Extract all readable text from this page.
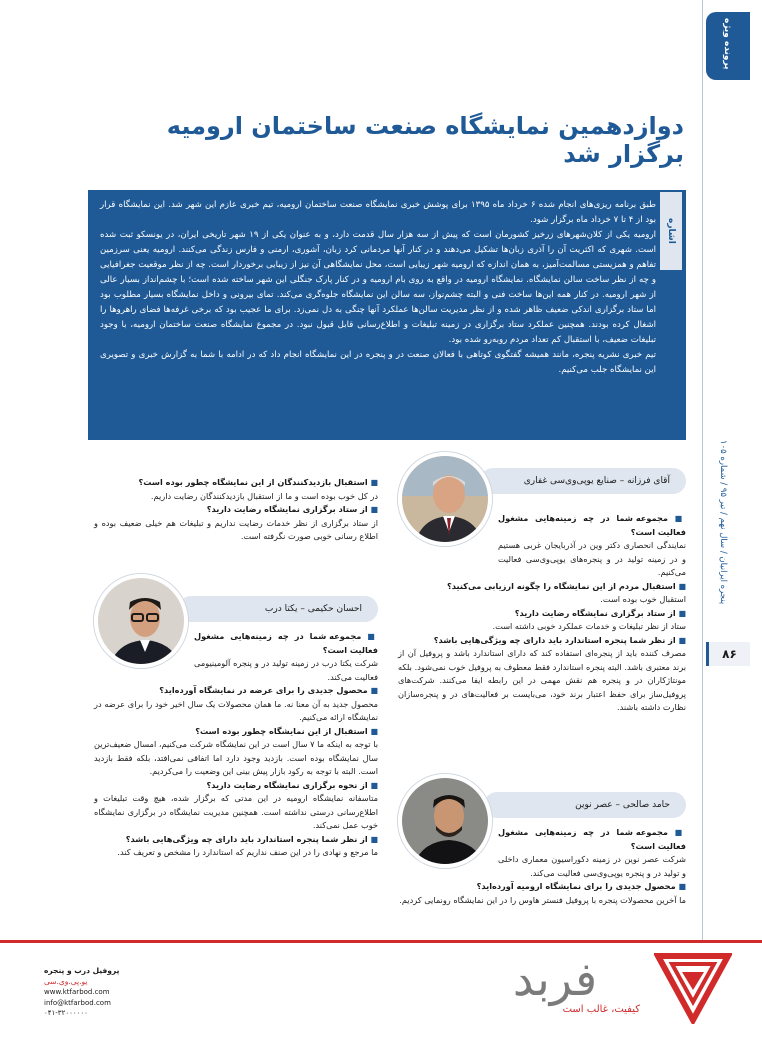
پرونده ویژه
پنجره ایرانیان / سال نهم / تیر ۹۵ / شماره ۱۰۵
۸۶
دوازدهمین نمایشگاه صنعت ساختمان ارومیه برگزار شد
اشاره

طبق برنامه ریزی‌های انجام شده ۶ خرداد ماه ۱۳۹۵ برای پوشش خبری نمایشگاه صنعت ساختمان ارومیه، تیم خبری عازم این شهر شد. این نمایشگاه قرار بود از ۴ تا ۷ خرداد ماه برگزار شود.

ارومیه یکی از کلان‌شهرهای زرخیز کشورمان است که پیش از سه هزار سال قدمت دارد، و به عنوان یکی از ۱۹ شهر تاریخی ایران، در یونسکو ثبت شده است. شهری که اکثریت آن را آذری زبان‌ها تشکیل می‌دهند و در کنار آنها مردمانی کرد زبان، آشوری، ارمنی و فارس زندگی می‌کنند. ارومیه یعنی سرزمین تفاهم و همزیستی مسالمت‌آمیز، به همان اندازه که ارومیه شهر زیبایی است، محل نمایشگاهی آن نیز از زیبایی برخوردار است. چه از نظر موقعیت جغرافیایی و چه از نظر ساخت سالن نمایشگاه. نمایشگاه ارومیه در واقع به روی بام ارومیه و در کنار پارک جنگلی این شهر ساخته شده است؛ با چشم‌انداز بسیار عالی از شهر ارومیه. در کنار همه این‌ها ساخت فنی و البته چشم‌نواز، سه سالن این نمایشگاه جلوه‌گری می‌کند. تمای بیرونی و داخل نمایشگاه بسیار مطلوب بود اما ستاد برگزاری اندکی ضعیف ظاهر شده و از نظر مدیریت سالن‌ها عملکرد آنها چنگی به دل نمی‌زد. برای ما عجیب بود که برخی غرفه‌ها فضای راهروها را اشغال کرده بودند. همچنین عملکرد ستاد برگزاری در زمینه تبلیغات و اطلاع‌رسانی قابل قبول نبود. در مجموع نمایشگاه صنعت ساختمان ارومیه، با وجود تبلیغات ضعیف، با استقبال کم تعداد مردم روبه‌رو شده بود.

تیم خبری نشریه پنجره، مانند همیشه گفتگوی کوتاهی با فعالان صنعت در و پنجره در این نمایشگاه انجام داد که در ادامه با شما به گزارش خبری و تصویری این نمایشگاه جلب می‌کنیم.

آقای فرزانه – صنایع یوپی‌وی‌سی غفاری
■ مجموعه شما در چه زمینه‌هایی مشغول فعالیت است؟
نمایندگی انحصاری دکتر وین در آذربایجان غربی هستیم و در زمینه تولید در و پنجره‌های یوپی‌وی‌سی فعالیت می‌کنیم.
■ استقبال مردم از این نمایشگاه را چگونه ارزیابی می‌کنید؟
استقبال خوب بوده است.
■ از ستاد برگزاری نمایشگاه رضایت دارید؟
ستاد از نظر تبلیغات و خدمات عملکرد خوبی داشته است.
■ از نظر شما پنجره استاندارد باید دارای چه ویژگی‌هایی باشد؟
مصرف کننده باید از پنجره‌ای استفاده کند که دارای استاندارد باشد و پروفیل آن از برند معتبری باشد. البته پنجره استاندارد فقط معطوف به پروفیل خوب نمی‌شود. بلکه مونتاژکاران در و پنجره هم نقش مهمی در این رابطه ایفا می‌کنند. شرکت‌های پروفیل‌ساز برای حفظ اعتبار برند خود، می‌بایست بر فعالیت‌های در و پنجره‌سازان نظارت داشته باشند.
■ استقبال بازدیدکنندگان از این نمایشگاه چطور بوده است؟
در کل خوب بوده است و ما از استقبال بازدیدکنندگان رضایت داریم.
■ از ستاد برگزاری نمایشگاه رضایت دارید؟
از ستاد برگزاری از نظر خدمات رضایت نداریم و تبلیغات هم خیلی ضعیف بوده و اطلاع رسانی خوبی صورت نگرفته است.
احسان حکیمی – یکتا درب
■ مجموعه شما در چه زمینه‌هایی مشغول فعالیت است؟
شرکت یکتا درب در زمینه تولید در و پنجره آلومینیومی فعالیت می‌کند.
■ محصول جدیدی را برای عرضه در نمایشگاه آورده‌اید؟
محصول جدید به آن معنا نه. ما همان محصولات یک سال اخیر خود را برای عرضه در نمایشگاه ارائه می‌کنیم.
■ استقبال از این نمایشگاه چطور بوده است؟
با توجه به اینکه ما ۷ سال است در این نمایشگاه شرکت می‌کنیم، امسال ضعیف‌ترین سال نمایشگاه بوده است. بازدید وجود دارد اما اتفاقی نمی‌افتد، بلکه فقط بازدید است. البته با توجه به رکود بازار پیش بینی این وضعیت را می‌کردیم.
■ از نحوه برگزاری نمایشگاه رضایت دارید؟
متاسفانه نمایشگاه ارومیه در این مدتی که برگزار شده، هیچ وقت تبلیغات و اطلاع‌رسانی درستی نداشته است. همچنین مدیریت نمایشگاه در برگزاری نمایشگاه خوب عمل نمی‌کند.
■ از نظر شما پنجره استاندارد باید دارای چه ویژگی‌هایی باشد؟
ما مرجع و نهادی را در این صنف نداریم که استاندارد را مشخص و تعریف کند.
حامد صالحی – عصر نوین
■ مجموعه شما در چه زمینه‌هایی مشغول فعالیت است؟
شرکت عصر نوین در زمینه دکوراسیون معماری داخلی و تولید در و پنجره یوپی‌وی‌سی فعالیت می‌کند.
■ محصول جدیدی را برای نمایشگاه ارومیه آورده‌اید؟
ما آخرین محصولات پنجره با پروفیل فنستر هاوس را در این نمایشگاه رونمایی کردیم.
پروفیل درب و پنجره
یو.پی.وی.سی
www.ktfarbod.com
info@ktfarbod.com
۰۴۱-۳۲۰۰۰۰۰۰
فربد
کیفیت، غالب است
